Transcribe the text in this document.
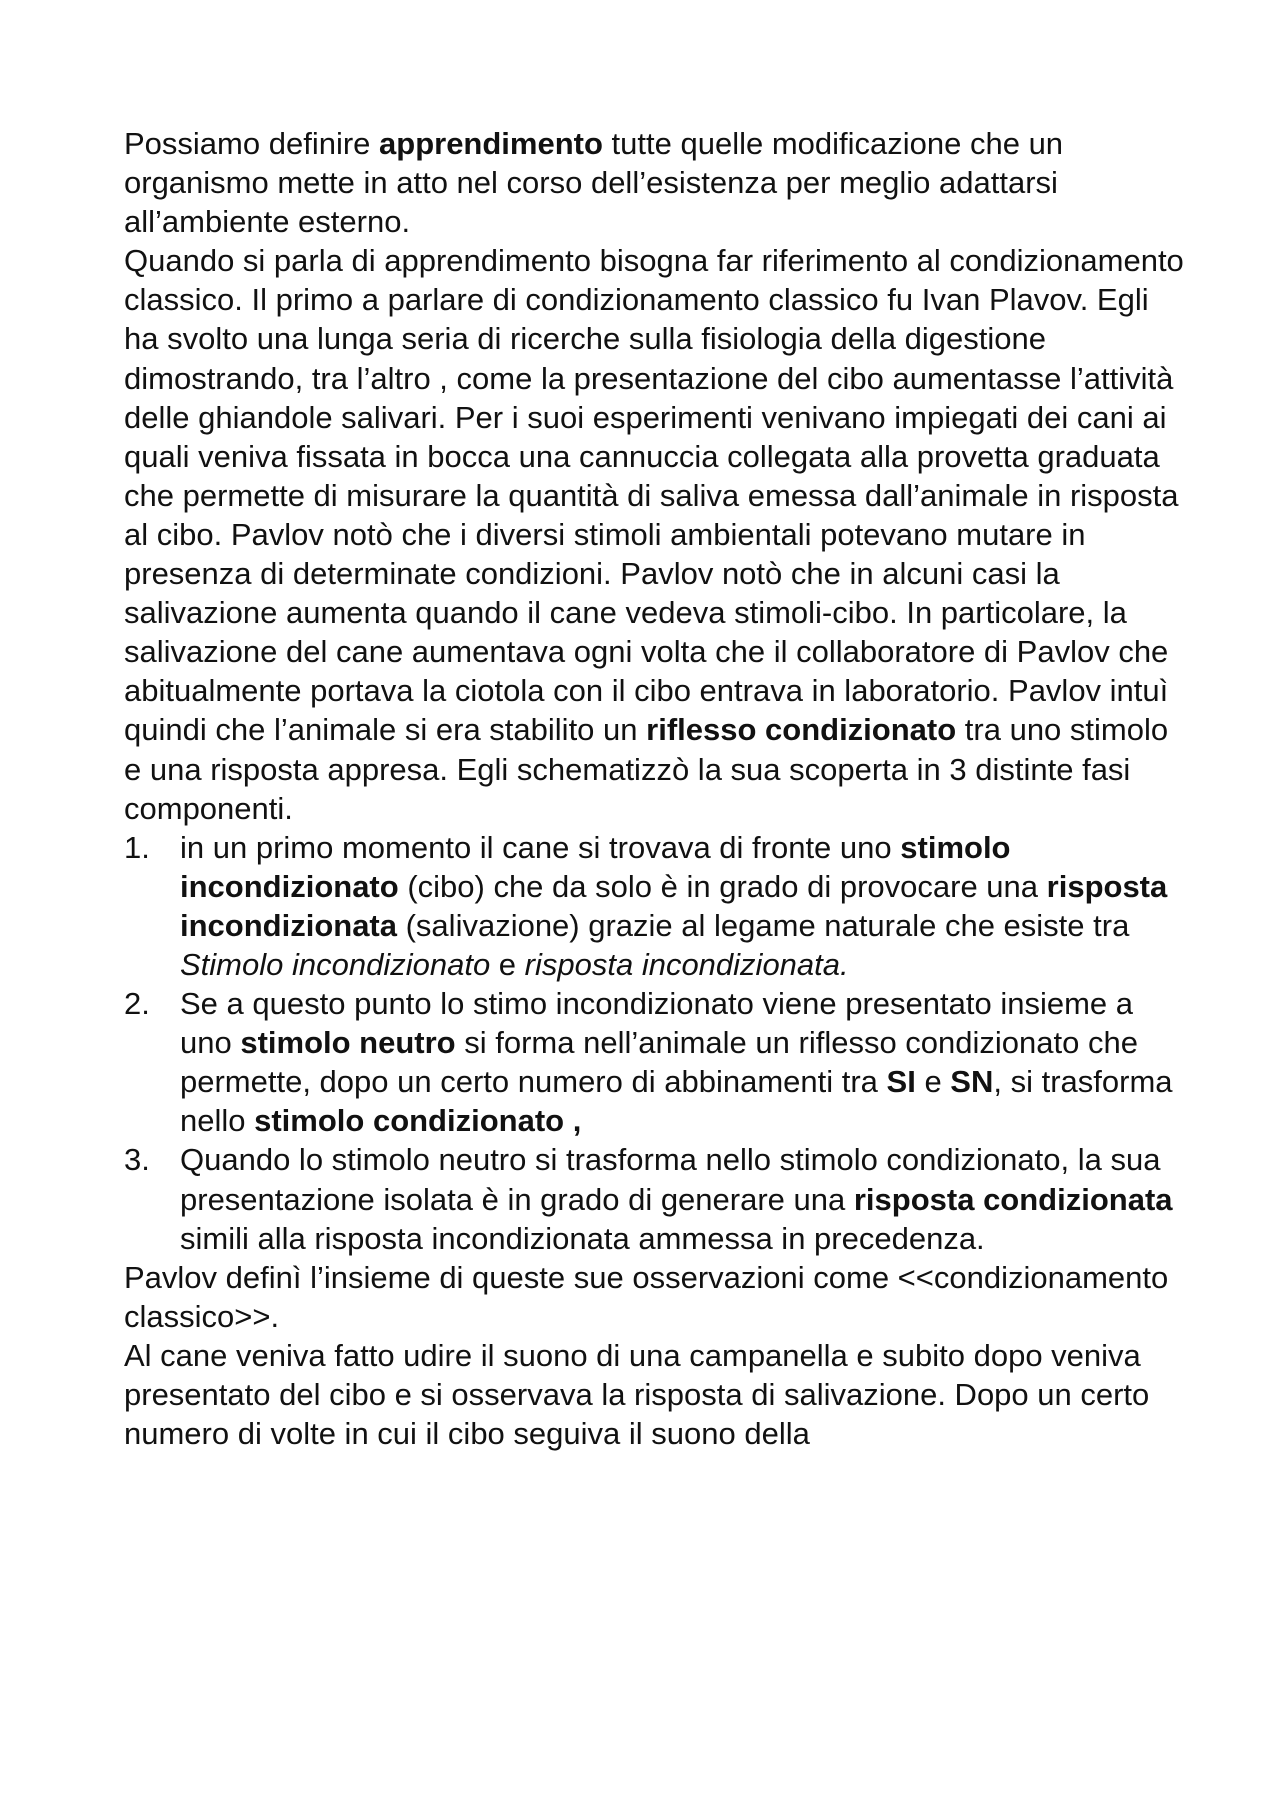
Possiamo definire apprendimento tutte quelle modificazione che un organismo mette in atto nel corso dell’esistenza per meglio adattarsi all’ambiente esterno.

Quando si parla di apprendimento bisogna far riferimento al condizionamento classico. Il primo a parlare di condizionamento classico fu Ivan Plavov. Egli ha svolto una lunga seria di ricerche sulla fisiologia della digestione dimostrando, tra l’altro , come la presentazione del cibo aumentasse l’attività delle ghiandole salivari. Per i suoi esperimenti venivano impiegati dei cani ai quali veniva fissata in bocca una cannuccia collegata alla provetta graduata che permette di misurare la quantità di saliva emessa dall’animale in risposta al cibo. Pavlov notò che i diversi stimoli ambientali potevano mutare in presenza di determinate condizioni. Pavlov notò che in alcuni casi la salivazione aumenta quando il cane vedeva stimoli-cibo. In particolare, la salivazione del cane aumentava ogni volta che il collaboratore di Pavlov che abitualmente portava la ciotola con il cibo entrava in laboratorio. Pavlov intuì quindi che l’animale si era stabilito un riflesso condizionato tra uno stimolo e una risposta appresa. Egli schematizzò la sua scoperta in 3 distinte fasi componenti.

1. in un primo momento il cane si trovava di fronte uno stimolo incondizionato (cibo) che da solo è in grado di provocare una risposta incondizionata (salivazione) grazie al legame naturale che esiste tra Stimolo incondizionato e risposta incondizionata.
2. Se a questo punto lo stimo incondizionato viene presentato insieme a uno stimolo neutro si forma nell’animale un riflesso condizionato che permette, dopo un certo numero di abbinamenti tra SI e SN, si trasforma nello stimolo condizionato ,
3. Quando lo stimolo neutro si trasforma nello stimolo condizionato, la sua presentazione isolata è in grado di generare una risposta condizionata simili alla risposta incondizionata ammessa in precedenza.

Pavlov definì l’insieme di queste sue osservazioni come <<condizionamento classico>>.

Al cane veniva fatto udire il suono di una campanella e subito dopo veniva presentato del cibo e si osservava la risposta di salivazione. Dopo un certo numero di volte in cui il cibo seguiva il suono della
